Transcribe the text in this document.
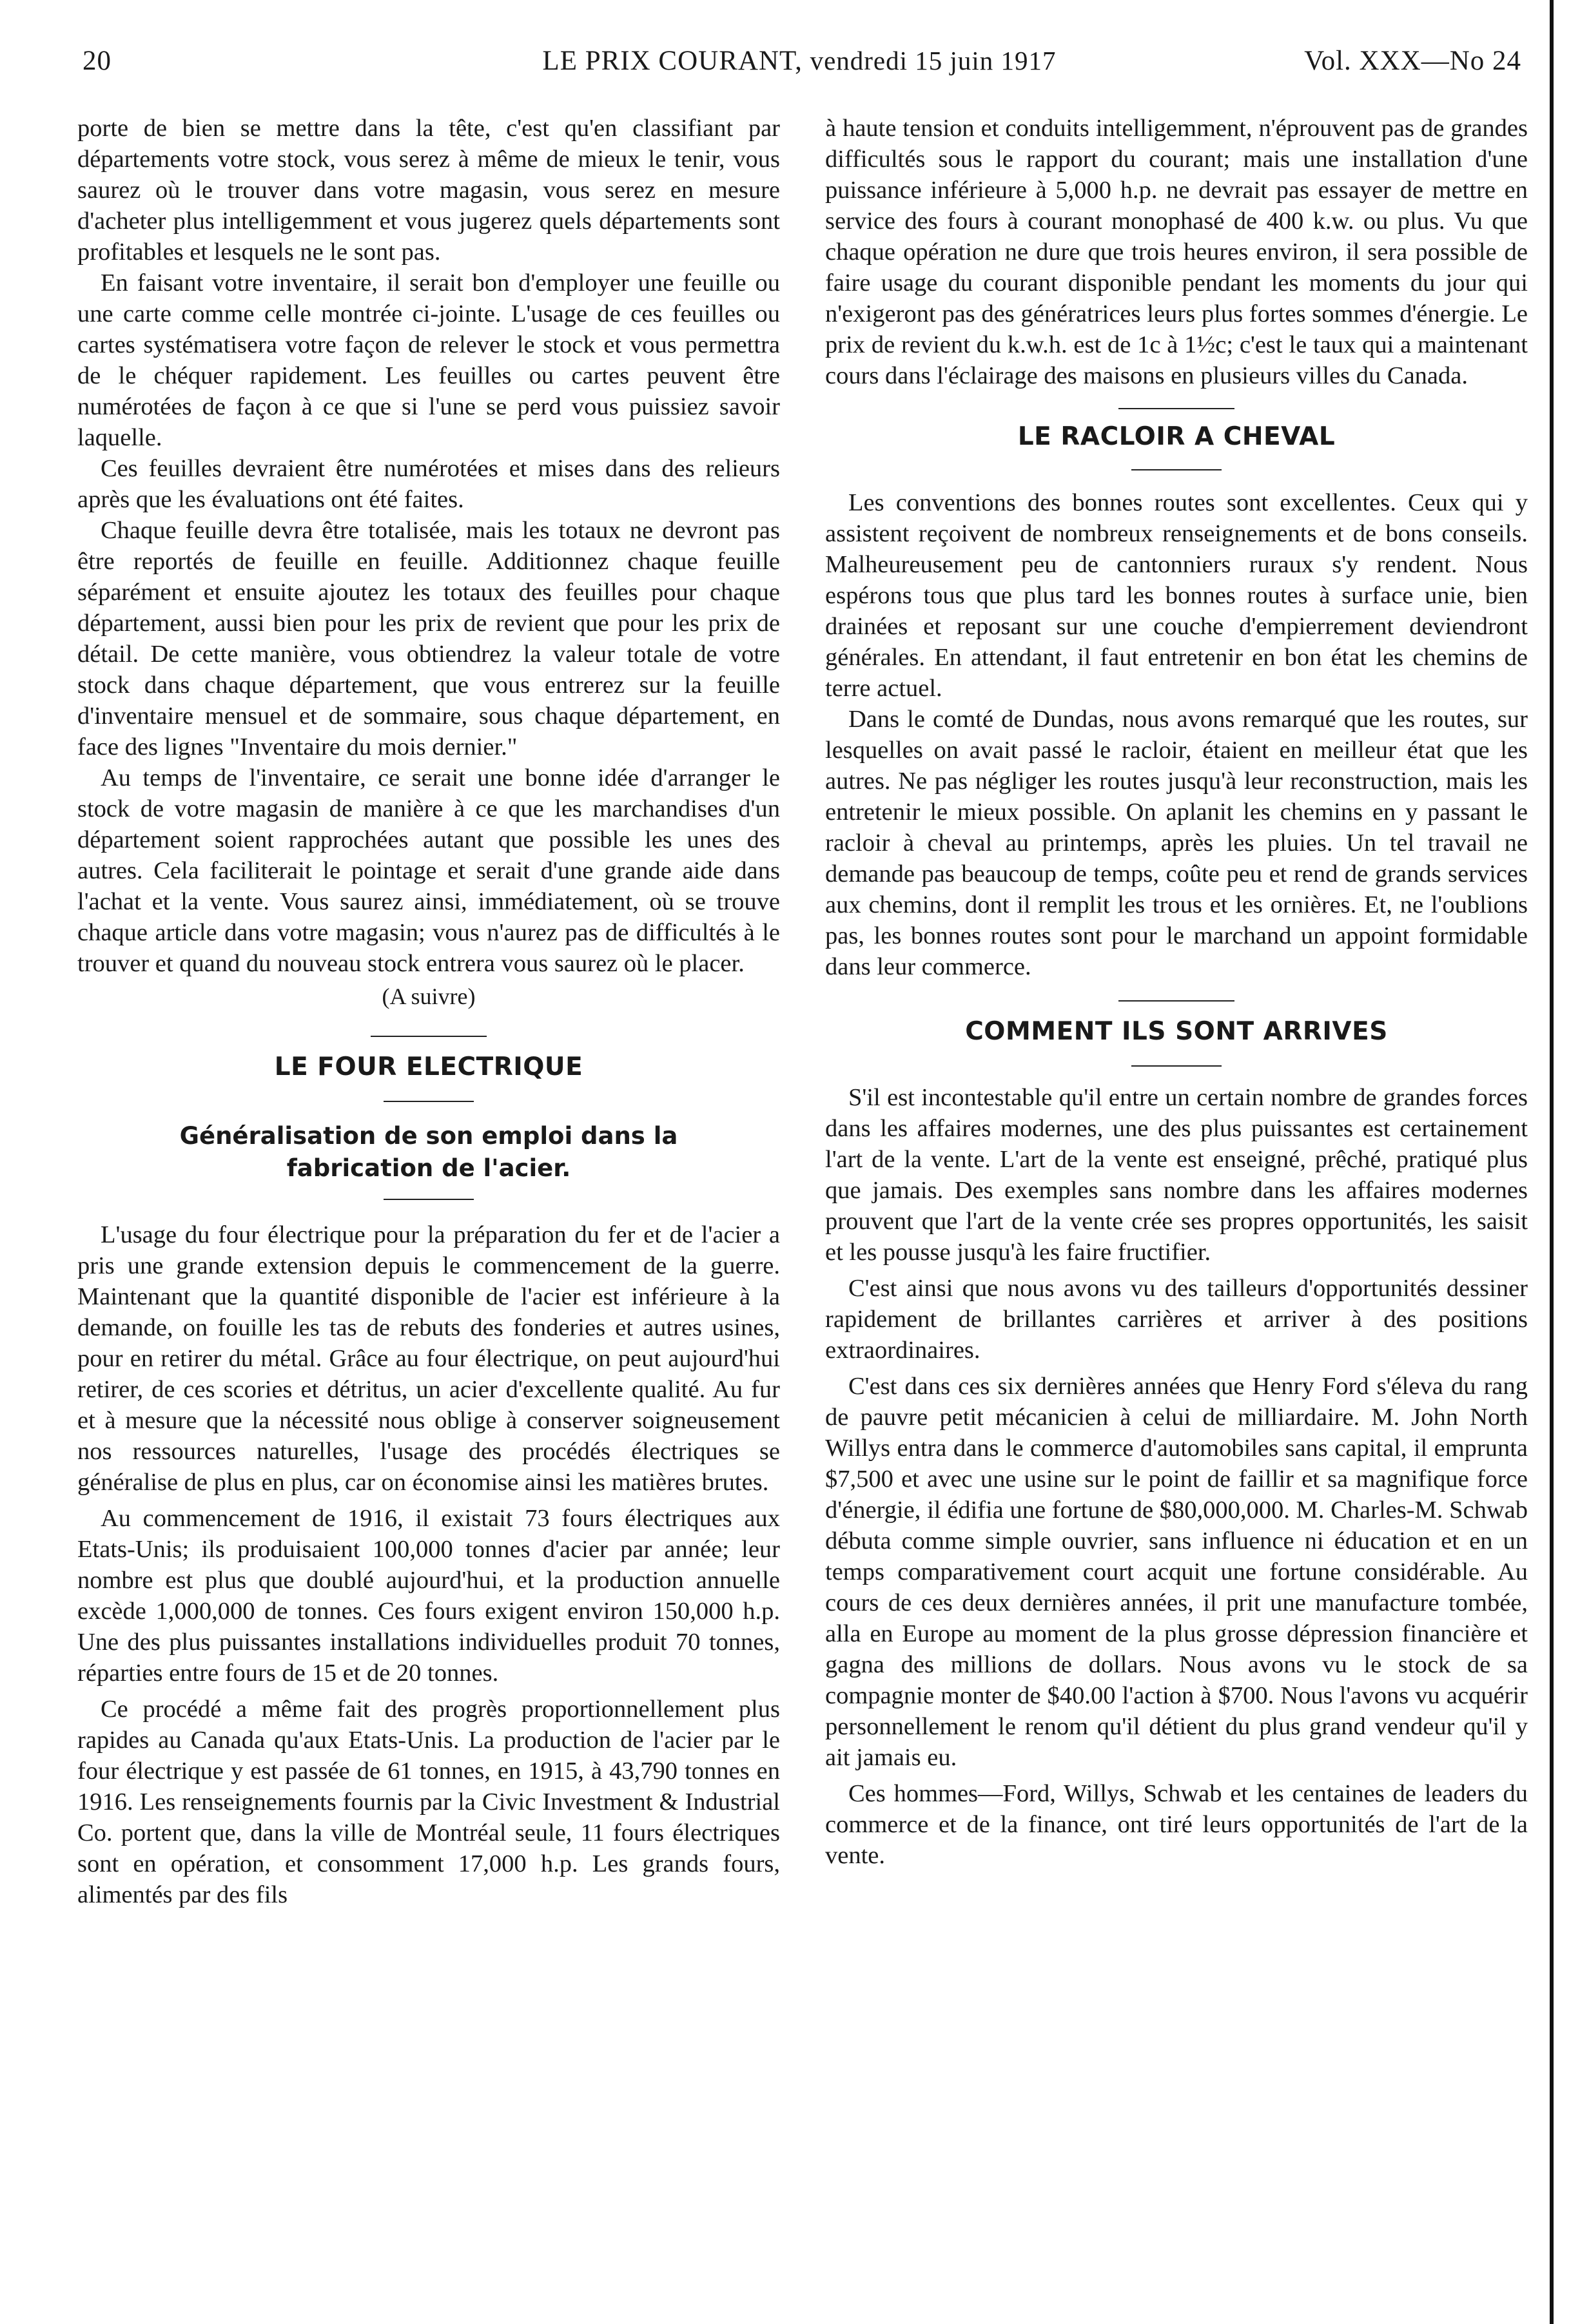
20	LE PRIX COURANT, vendredi 15 juin 1917	Vol. XXX—No 24

porte de bien se mettre dans la tête, c'est qu'en classifiant par départements votre stock, vous serez à même de mieux le tenir, vous saurez où le trouver dans votre magasin, vous serez en mesure d'acheter plus intelligemment et vous jugerez quels départements sont profitables et lesquels ne le sont pas.

En faisant votre inventaire, il serait bon d'employer une feuille ou une carte comme celle montrée ci-jointe. L'usage de ces feuilles ou cartes systématisera votre façon de relever le stock et vous permettra de le chéquer rapidement. Les feuilles ou cartes peuvent être numérotées de façon à ce que si l'une se perd vous puissiez savoir laquelle.

Ces feuilles devraient être numérotées et mises dans des relieurs après que les évaluations ont été faites.

Chaque feuille devra être totalisée, mais les totaux ne devront pas être reportés de feuille en feuille. Additionnez chaque feuille séparément et ensuite ajoutez les totaux des feuilles pour chaque département, aussi bien pour les prix de revient que pour les prix de détail. De cette manière, vous obtiendrez la valeur totale de votre stock dans chaque département, que vous entrerez sur la feuille d'inventaire mensuel et de sommaire, sous chaque département, en face des lignes "Inventaire du mois dernier."

Au temps de l'inventaire, ce serait une bonne idée d'arranger le stock de votre magasin de manière à ce que les marchandises d'un département soient rapprochées autant que possible les unes des autres. Cela faciliterait le pointage et serait d'une grande aide dans l'achat et la vente. Vous saurez ainsi, immédiatement, où se trouve chaque article dans votre magasin; vous n'aurez pas de difficultés à le trouver et quand du nouveau stock entrera vous saurez où le placer.

(A suivre)
LE FOUR ELECTRIQUE
Généralisation de son emploi dans la fabrication de l'acier.

L'usage du four électrique pour la préparation du fer et de l'acier a pris une grande extension depuis le commencement de la guerre. Maintenant que la quantité disponible de l'acier est inférieure à la demande, on fouille les tas de rebuts des fonderies et autres usines, pour en retirer du métal. Grâce au four électrique, on peut aujourd'hui retirer, de ces scories et détritus, un acier d'excellente qualité. Au fur et à mesure que la nécessité nous oblige à conserver soigneusement nos ressources naturelles, l'usage des procédés électriques se généralise de plus en plus, car on économise ainsi les matières brutes.

Au commencement de 1916, il existait 73 fours électriques aux Etats-Unis; ils produisaient 100,000 tonnes d'acier par année; leur nombre est plus que doublé aujourd'hui, et la production annuelle excède 1,000,000 de tonnes. Ces fours exigent environ 150,000 h.p. Une des plus puissantes installations individuelles produit 70 tonnes, réparties entre fours de 15 et de 20 tonnes.

Ce procédé a même fait des progrès proportionnellement plus rapides au Canada qu'aux Etats-Unis. La production de l'acier par le four électrique y est passée de 61 tonnes, en 1915, à 43,790 tonnes en 1916. Les renseignements fournis par la Civic Investment & Industrial Co. portent que, dans la ville de Montréal seule, 11 fours électriques sont en opération, et consomment 17,000 h.p. Les grands fours, alimentés par des fils

à haute tension et conduits intelligemment, n'éprouvent pas de grandes difficultés sous le rapport du courant; mais une installation d'une puissance inférieure à 5,000 h.p. ne devrait pas essayer de mettre en service des fours à courant monophasé de 400 k.w. ou plus. Vu que chaque opération ne dure que trois heures environ, il sera possible de faire usage du courant disponible pendant les moments du jour qui n'exigeront pas des génératrices leurs plus fortes sommes d'énergie. Le prix de revient du k.w.h. est de 1c à 1½c; c'est le taux qui a maintenant cours dans l'éclairage des maisons en plusieurs villes du Canada.

LE RACLOIR A CHEVAL

Les conventions des bonnes routes sont excellentes. Ceux qui y assistent reçoivent de nombreux renseignements et de bons conseils. Malheureusement peu de cantonniers ruraux s'y rendent. Nous espérons tous que plus tard les bonnes routes à surface unie, bien drainées et reposant sur une couche d'empierrement deviendront générales. En attendant, il faut entretenir en bon état les chemins de terre actuel.

Dans le comté de Dundas, nous avons remarqué que les routes, sur lesquelles on avait passé le racloir, étaient en meilleur état que les autres. Ne pas négliger les routes jusqu'à leur reconstruction, mais les entretenir le mieux possible. On aplanit les chemins en y passant le racloir à cheval au printemps, après les pluies. Un tel travail ne demande pas beaucoup de temps, coûte peu et rend de grands services aux chemins, dont il remplit les trous et les ornières. Et, ne l'oublions pas, les bonnes routes sont pour le marchand un appoint formidable dans leur commerce.

COMMENT ILS SONT ARRIVES

S'il est incontestable qu'il entre un certain nombre de grandes forces dans les affaires modernes, une des plus puissantes est certainement l'art de la vente. L'art de la vente est enseigné, prêché, pratiqué plus que jamais. Des exemples sans nombre dans les affaires modernes prouvent que l'art de la vente crée ses propres opportunités, les saisit et les pousse jusqu'à les faire fructifier.

C'est ainsi que nous avons vu des tailleurs d'opportunités dessiner rapidement de brillantes carrières et arriver à des positions extraordinaires.

C'est dans ces six dernières années que Henry Ford s'éleva du rang de pauvre petit mécanicien à celui de milliardaire. M. John North Willys entra dans le commerce d'automobiles sans capital, il emprunta $7,500 et avec une usine sur le point de faillir et sa magnifique force d'énergie, il édifia une fortune de $80,000,000. M. Charles-M. Schwab débuta comme simple ouvrier, sans influence ni éducation et en un temps comparativement court acquit une fortune considérable. Au cours de ces deux dernières années, il prit une manufacture tombée, alla en Europe au moment de la plus grosse dépression financière et gagna des millions de dollars. Nous avons vu le stock de sa compagnie monter de $40.00 l'action à $700. Nous l'avons vu acquérir personnellement le renom qu'il détient du plus grand vendeur qu'il y ait jamais eu.

Ces hommes—Ford, Willys, Schwab et les centaines de leaders du commerce et de la finance, ont tiré leurs opportunités de l'art de la vente.
